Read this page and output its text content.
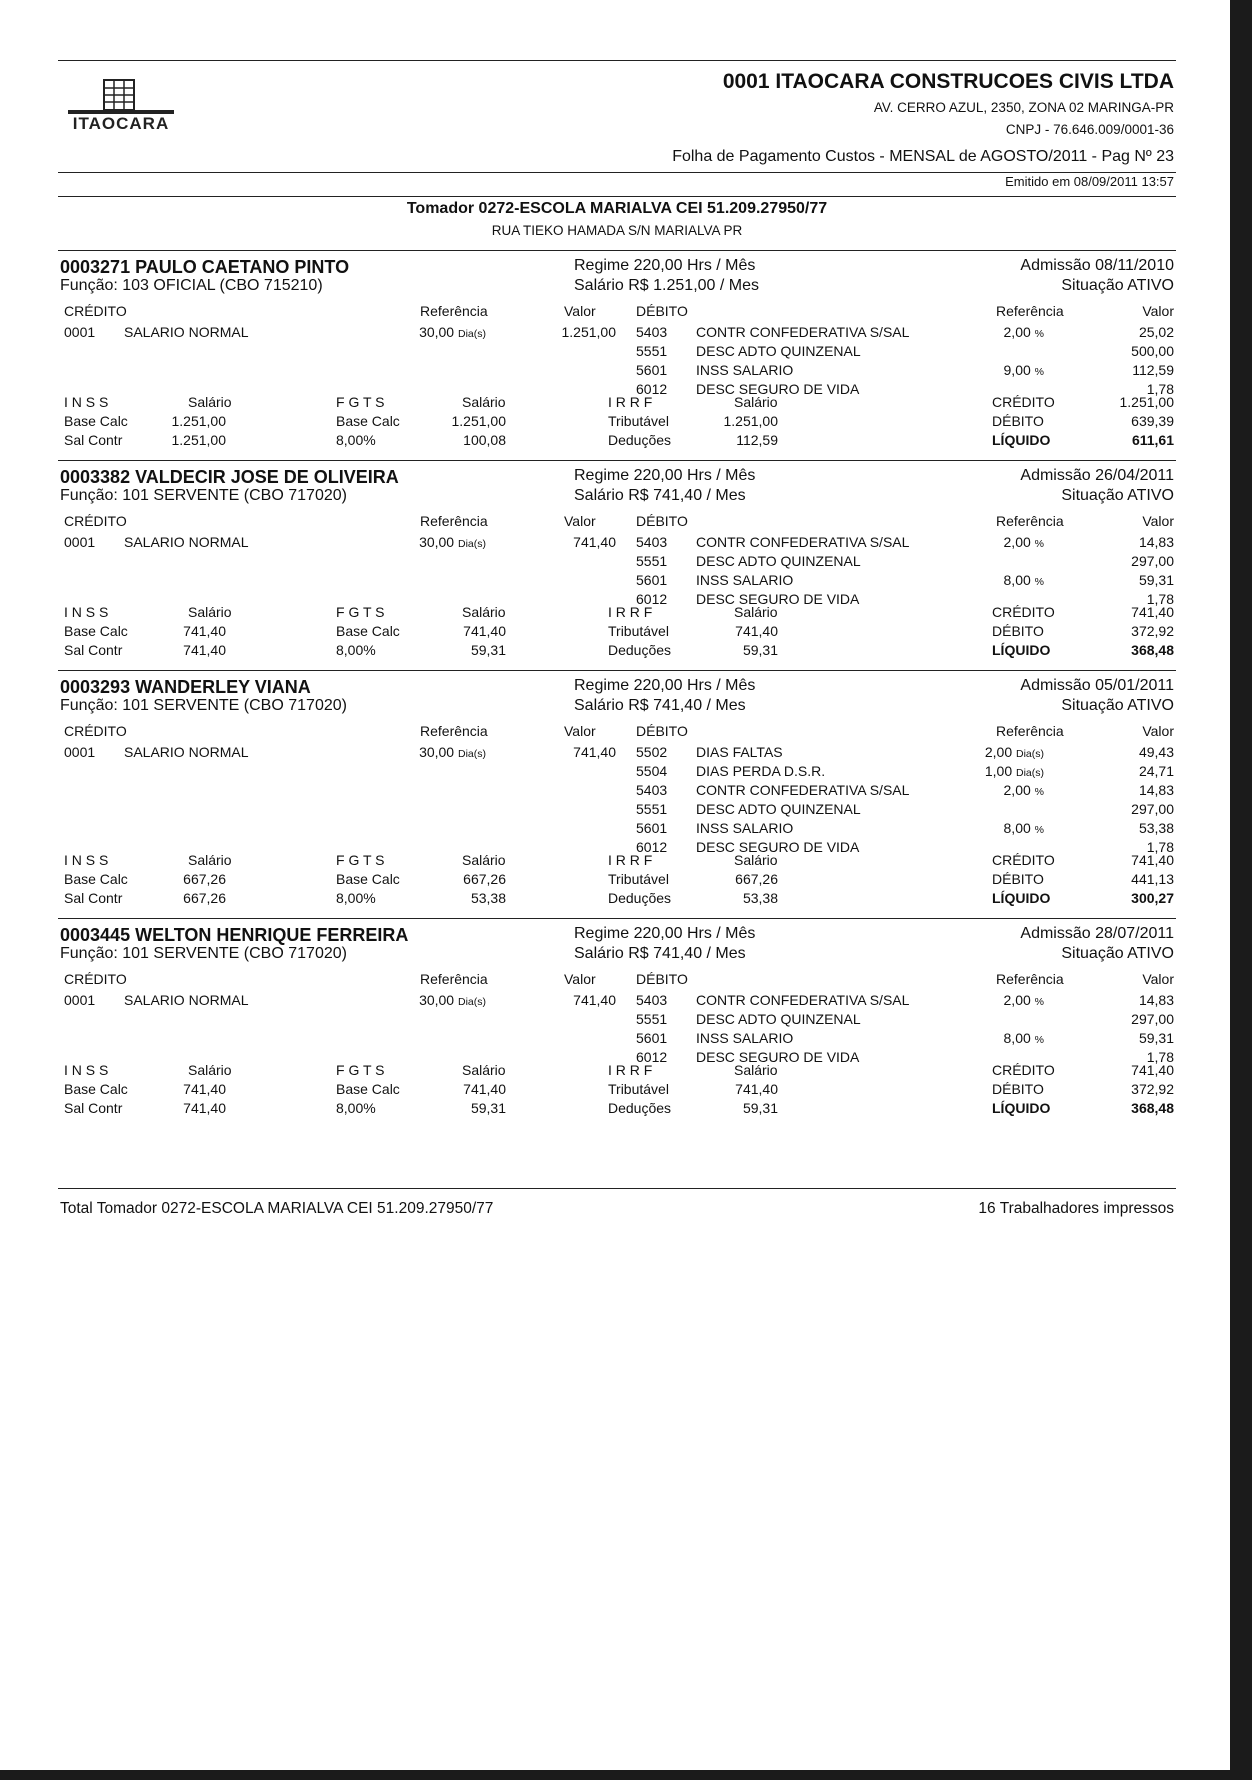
ITAOCARA
0001 ITAOCARA CONSTRUCOES CIVIS LTDA
AV. CERRO AZUL, 2350, ZONA 02 MARINGA-PR
CNPJ - 76.646.009/0001-36
Folha de Pagamento Custos - MENSAL de AGOSTO/2011 - Pag Nº 23
Emitido em 08/09/2011 13:57
Tomador 0272-ESCOLA MARIALVA CEI 51.209.27950/77
RUA TIEKO HAMADA S/N MARIALVA PR
0003271 PAULO CAETANO PINTO
Função: 103 OFICIAL (CBO 715210)
Regime 220,00 Hrs / Mês
Salário R$ 1.251,00 / Mes
Admissão 08/11/2010
Situação ATIVO
CRÉDITO	Referência	Valor	DÉBITO	Referência	Valor
0001 SALARIO NORMAL	30,00 Dia(s)	1.251,00 5403 CONTR CONFEDERATIVA S/SAL	2,00 %	25,02
5551 DESC ADTO QUINZENAL	500,00
5601 INSS SALARIO	9,00 %	112,59
6012 DESC SEGURO DE VIDA	1,78
I N S S	Salário
Base Calc	1.251,00
Sal Contr	1.251,00
F G T S	Salário
Base Calc	1.251,00
8,00%	100,08
I R R F	Salário
Tributável	1.251,00
Deduções	112,59
CRÉDITO	1.251,00
DÉBITO	639,39
LÍQUIDO	611,61
0003382 VALDECIR JOSE DE OLIVEIRA
Função: 101 SERVENTE (CBO 717020)
Regime 220,00 Hrs / Mês
Salário R$ 741,40 / Mes
Admissão 26/04/2011
Situação ATIVO
CRÉDITO	Referência	Valor	DÉBITO	Referência	Valor
0001 SALARIO NORMAL	30,00 Dia(s)	741,40 5403 CONTR CONFEDERATIVA S/SAL	2,00 %	14,83
5551 DESC ADTO QUINZENAL	297,00
5601 INSS SALARIO	8,00 %	59,31
6012 DESC SEGURO DE VIDA	1,78
I N S S	Salário
Base Calc	741,40
Sal Contr	741,40
F G T S	Salário
Base Calc	741,40
8,00%	59,31
I R R F	Salário
Tributável	741,40
Deduções	59,31
CRÉDITO	741,40
DÉBITO	372,92
LÍQUIDO	368,48
0003293 WANDERLEY VIANA
Função: 101 SERVENTE (CBO 717020)
Regime 220,00 Hrs / Mês
Salário R$ 741,40 / Mes
Admissão 05/01/2011
Situação ATIVO
CRÉDITO	Referência	Valor	DÉBITO	Referência	Valor
0001 SALARIO NORMAL	30,00 Dia(s)	741,40 5502 DIAS FALTAS	2,00 Dia(s)	49,43
5504 DIAS PERDA D.S.R.	1,00 Dia(s)	24,71
5403 CONTR CONFEDERATIVA S/SAL	2,00 %	14,83
5551 DESC ADTO QUINZENAL	297,00
5601 INSS SALARIO	8,00 %	53,38
6012 DESC SEGURO DE VIDA	1,78
I N S S	Salário
Base Calc	667,26
Sal Contr	667,26
F G T S	Salário
Base Calc	667,26
8,00%	53,38
I R R F	Salário
Tributável	667,26
Deduções	53,38
CRÉDITO	741,40
DÉBITO	441,13
LÍQUIDO	300,27
0003445 WELTON HENRIQUE FERREIRA
Função: 101 SERVENTE (CBO 717020)
Regime 220,00 Hrs / Mês
Salário R$ 741,40 / Mes
Admissão 28/07/2011
Situação ATIVO
CRÉDITO	Referência	Valor	DÉBITO	Referência	Valor
0001 SALARIO NORMAL	30,00 Dia(s)	741,40 5403 CONTR CONFEDERATIVA S/SAL	2,00 %	14,83
5551 DESC ADTO QUINZENAL	297,00
5601 INSS SALARIO	8,00 %	59,31
6012 DESC SEGURO DE VIDA	1,78
I N S S	Salário
Base Calc	741,40
Sal Contr	741,40
F G T S	Salário
Base Calc	741,40
8,00%	59,31
I R R F	Salário
Tributável	741,40
Deduções	59,31
CRÉDITO	741,40
DÉBITO	372,92
LÍQUIDO	368,48
Total Tomador 0272-ESCOLA MARIALVA CEI 51.209.27950/77	16 Trabalhadores impressos
